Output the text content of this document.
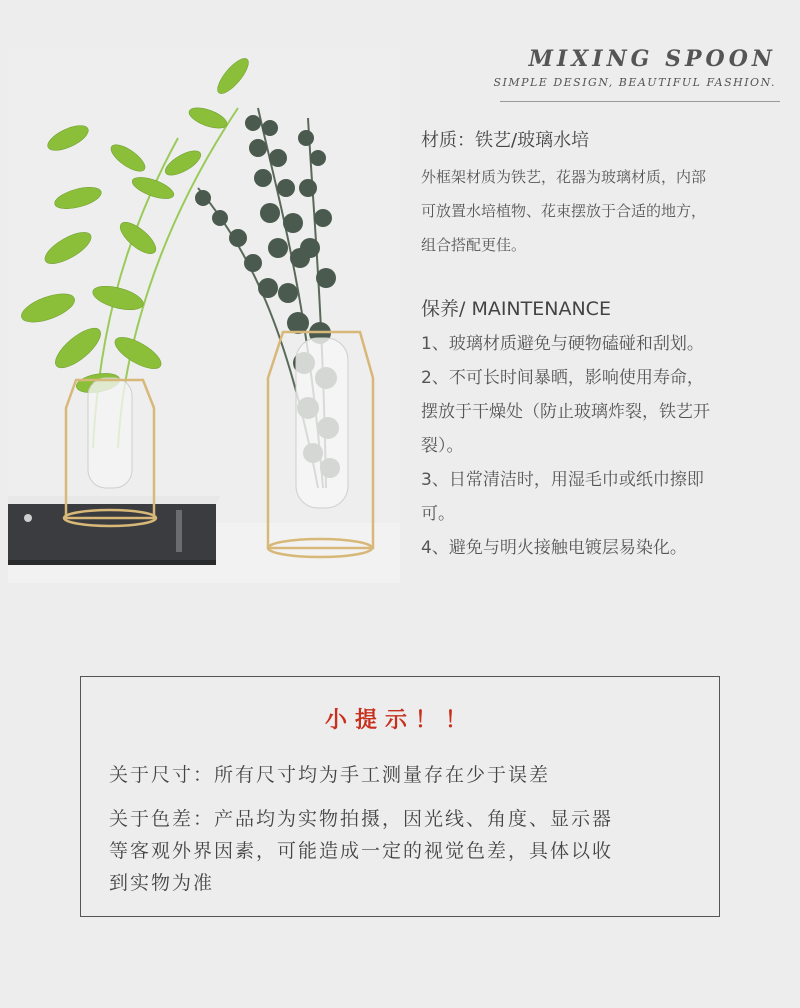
MIXING SPOON
SIMPLE DESIGN, BEAUTIFUL FASHION.
材质：铁艺/玻璃水培

外框架材质为铁艺，花器为玻璃材质，内部

可放置水培植物、花束摆放于合适的地方，

组合搭配更佳。

保养/ MAINTENANCE

1、玻璃材质避免与硬物磕碰和刮划。

2、不可长时间暴晒，影响使用寿命，

摆放于干燥处（防止玻璃炸裂，铁艺开

裂）。

3、日常清洁时，用湿毛巾或纸巾擦即

可。

4、避免与明火接触电镀层易染化。

小提示！！
关于尺寸：所有尺寸均为手工测量存在少于误差
关于色差：产品均为实物拍摄，因光线、角度、显示器
等客观外界因素，可能造成一定的视觉色差，具体以收
到实物为准
